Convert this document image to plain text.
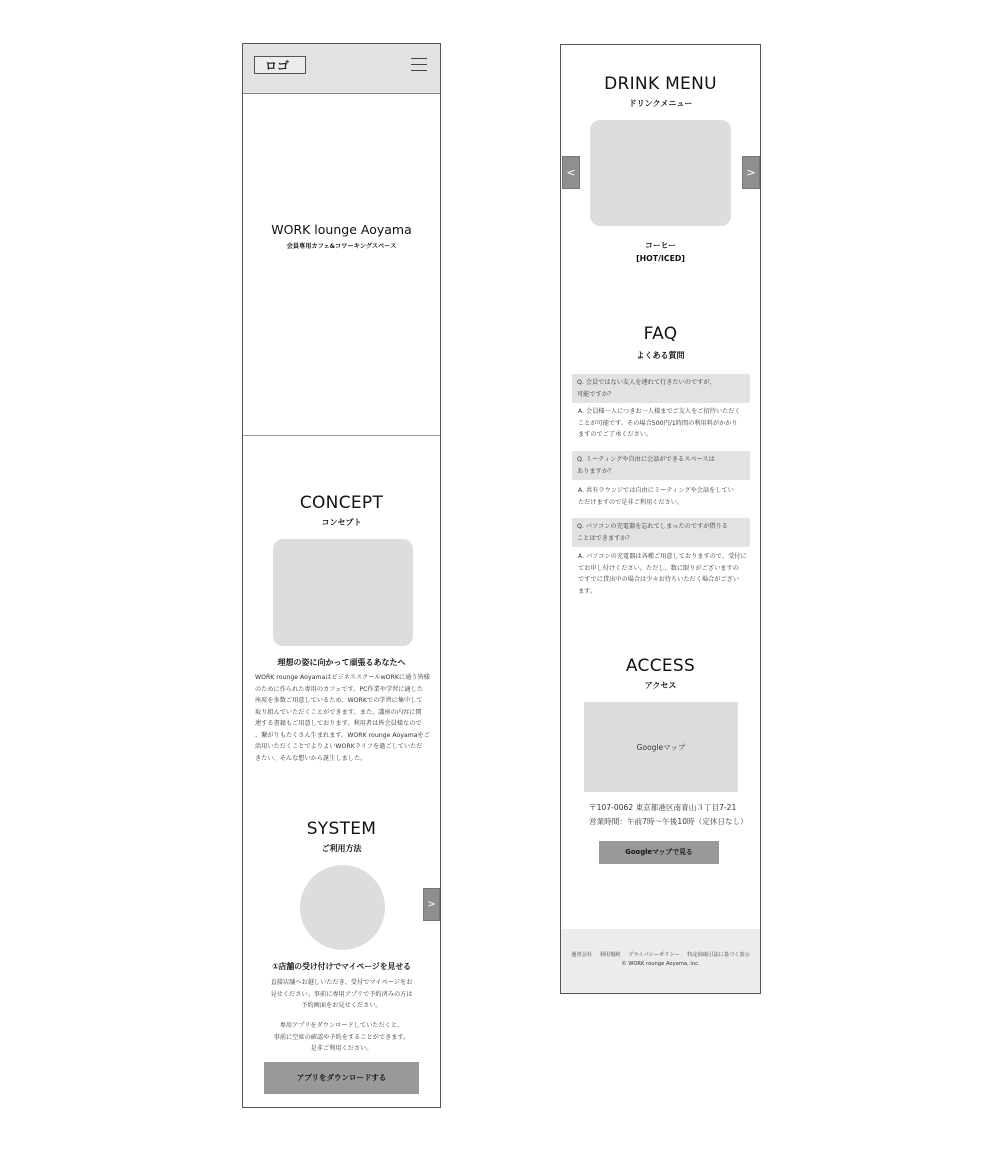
ロゴ
WORK lounge Aoyama
会員専用カフェ&コワーキングスペース
CONCEPT
コンセプト
理想の姿に向かって頑張るあなたへ
WORK rounge AoyamaはビジネススクールwORKに通う皆様
のために作られた専用のカフェです。PC作業や学習に適した
座席を多数ご用意しているため、WORKでの学習に集中して
取り組んでいただくことができます。また、講座の内容に関
連する書籍もご用意しております。利用者は皆会員様なので
、繋がりもたくさん生まれます。WORK rounge Aoyamaをご
活用いただくことでよりよいWORKライフを過ごしていただ
きたい、そんな想いから誕生しました。
SYSTEM
ご利用方法
>
①店舗の受け付けでマイページを見せる
直接店舗へお越しいただき、受付でマイページをお
見せください。事前に専用アプリで予約済みの方は
予約画面をお見せください。
専用アプリをダウンロードしていただくと、
事前に空席の確認や予約をすることができます。
是非ご利用ください。
アプリをダウンロードする
DRINK MENU
ドリンクメニュー
<	>
コーヒー
[HOT/ICED]
FAQ
よくある質問
Q. 会員ではない友人を連れて行きたいのですが、
可能ですか？
A. 会員様一人につきお一人様までご友人をご招待いただく
ことが可能です。その場合500円/1時間の利用料がかかり
ますのでご了承ください。
Q. ミーティングや自由に会話ができるスペースは
ありますか？
A. 共有ラウンジでは自由にミーティングや会話をしてい
ただけますので是非ご利用ください。
Q. パソコンの充電器を忘れてしまったのですが借りる
ことはできますか？
A. パソコンの充電器は各種ご用意しておりますので、受付に
てお申し付けください。ただし、数に限りがございますの
ですでに貸出中の場合は少々お待ちいただく場合がござい
ます。
ACCESS
アクセス
Googleマップ
〒107-0062 東京都港区南青山３丁目7-21
営業時間：午前7時〜午後10時（定休日なし）
Googleマップで見る
運営会社 利用規約 プライバシーポリシー 特定商取引法に基づく表示
© WORK rounge Aoyama, inc.
